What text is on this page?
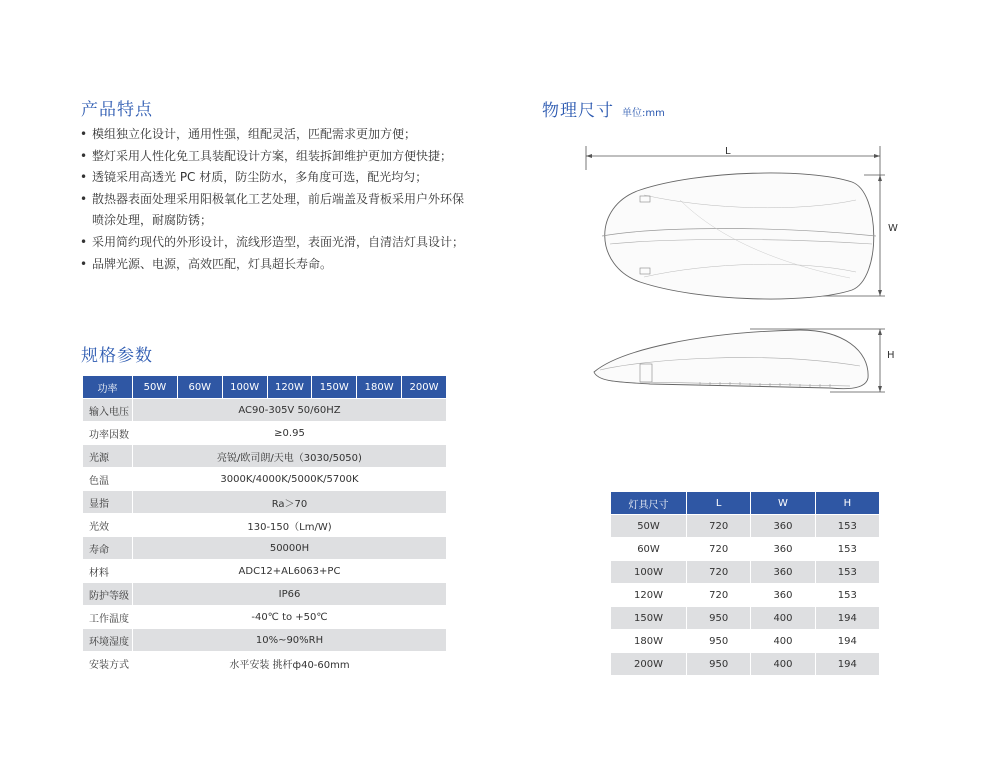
产品特点
• 模组独立化设计，通用性强，组配灵活，匹配需求更加方便；
• 整灯采用人性化免工具装配设计方案，组装拆卸维护更加方便快捷；
• 透镜采用高透光 PC 材质，防尘防水，多角度可选，配光均匀；
• 散热器表面处理采用阳极氧化工艺处理，前后端盖及背板采用户外环保喷涂处理，耐腐防锈；
• 采用简约现代的外形设计，流线形造型，表面光滑，自清洁灯具设计；
• 品牌光源、电源，高效匹配，灯具超长寿命。
物理尺寸 单位:mm
L
W
H
规格参数
功率	50W	60W	100W	120W	150W	180W	200W
输入电压	AC90-305V 50/60HZ						
功率因数	≥0.95						
光源	亮锐/欧司朗/天电（3030/5050)						
色温	3000K/4000K/5000K/5700K						
显指	Ra＞70						
光效	130-150（Lm/W)						
寿命	50000H						
材料	ADC12+AL6063+PC						
防护等级	IP66						
工作温度	-40℃ to +50℃						
环境湿度	10%~90%RH						
安装方式	水平安装 挑杆ф40-60mm						
灯具尺寸	L	W	H
50W	720	360	153
60W	720	360	153
100W	720	360	153
120W	720	360	153
150W	950	400	194
180W	950	400	194
200W	950	400	194
